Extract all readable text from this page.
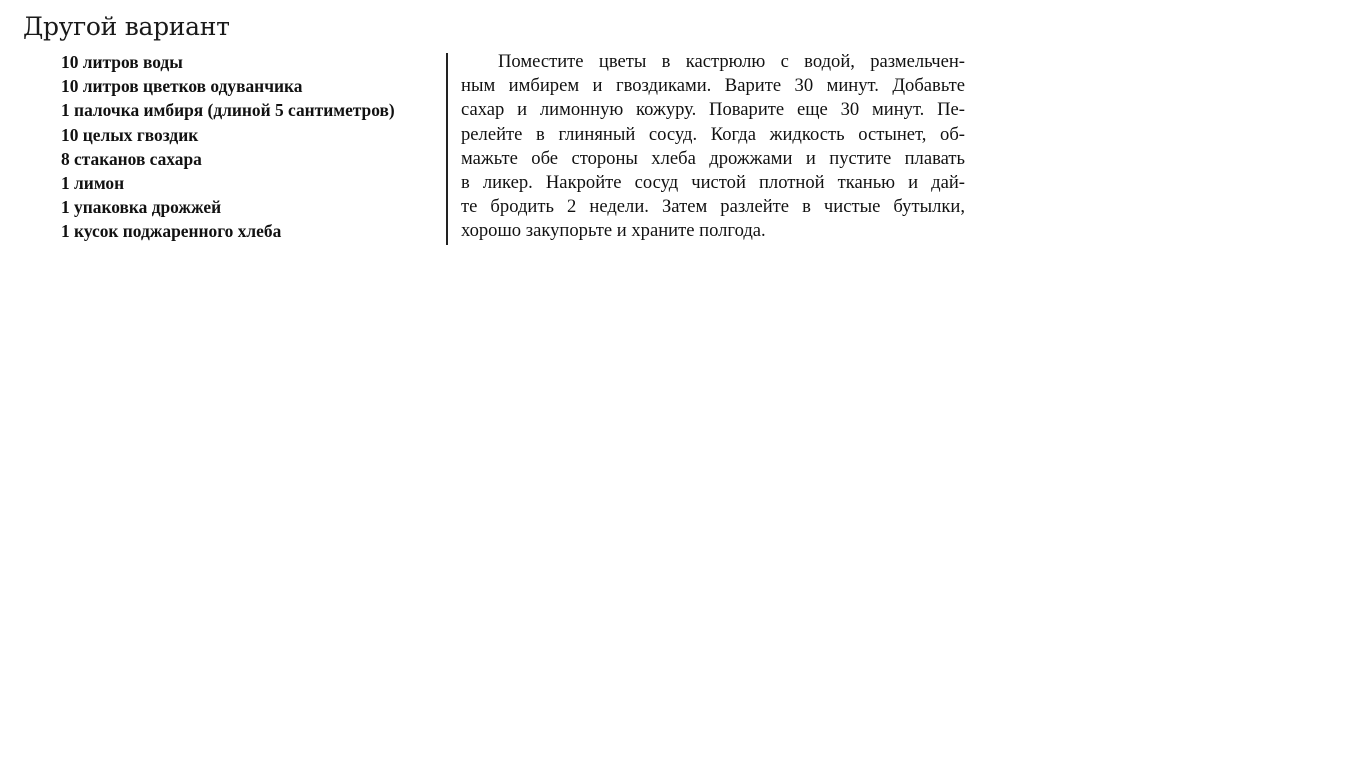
Другой вариант
10 литров воды
10 литров цветков одуванчика
1 палочка имбиря (длиной 5 сантиметров)
10 целых гвоздик
8 стаканов сахара
1 лимон
1 упаковка дрожжей
1 кусок поджаренного хлеба
Поместите цветы в кастрюлю с водой, размельчен-
ным имбирем и гвоздиками. Варите 30 минут. Добавьте
сахар и лимонную кожуру. Поварите еще 30 минут. Пе-
релейте в глиняный сосуд. Когда жидкость остынет, об-
мажьте обе стороны хлеба дрожжами и пустите плавать
в ликер. Накройте сосуд чистой плотной тканью и дай-
те бродить 2 недели. Затем разлейте в чистые бутылки,
хорошо закупорьте и храните полгода.
